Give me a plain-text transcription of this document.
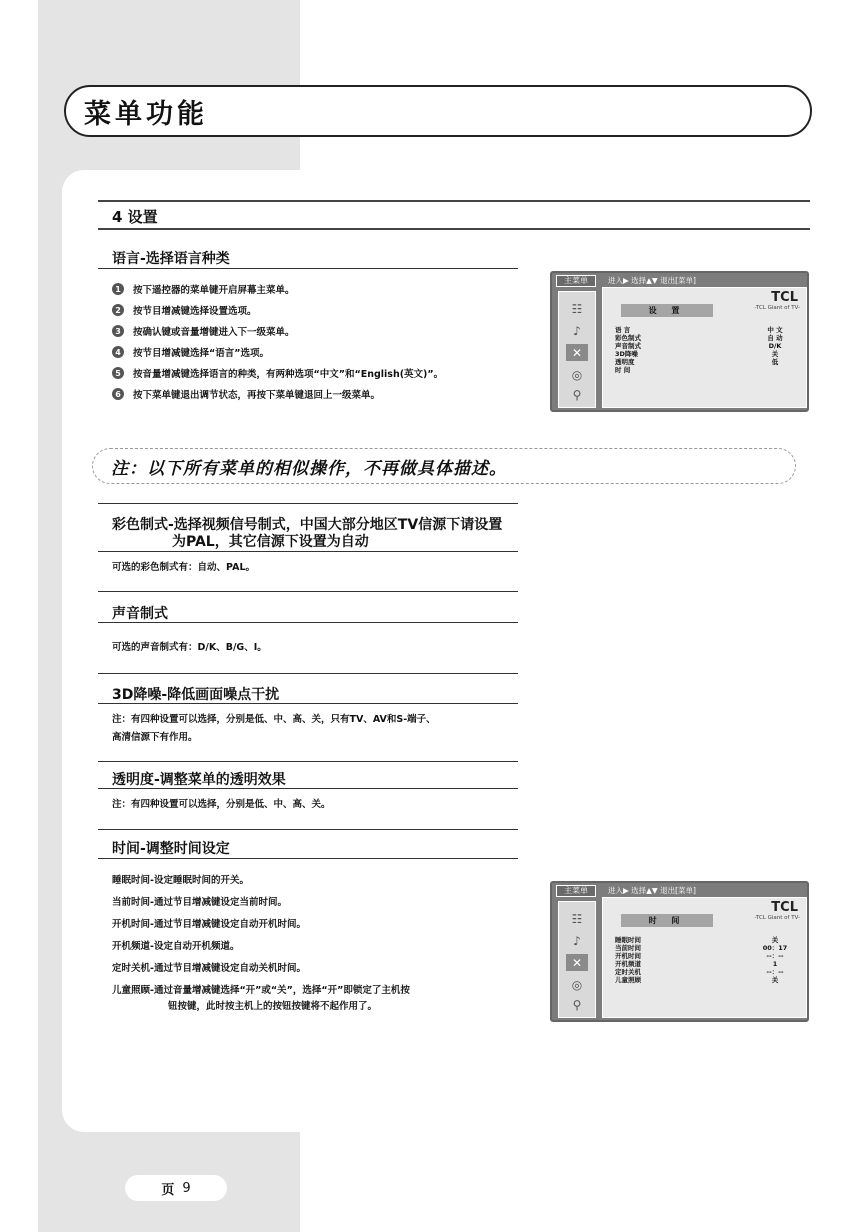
菜单功能
4 设置
语言-选择语言种类
1	按下遥控器的菜单键开启屏幕主菜单。
2	按节目增减键选择设置选项。
3	按确认键或音量增键进入下一级菜单。
4	按节目增减键选择“语言”选项。
5	按音量增减键选择语言的种类，有两种选项“中文”和“English(英文)”。
6	按下菜单键退出调节状态，再按下菜单键退回上一级菜单。
主菜单	进入▶ 选择▲▼ 退出[菜单]
☷
♪
✕
◎
⚲
TCL
-TCL Giant of TV-
设 置
语 言	中 文
彩色制式	自 动
声音制式	D/K
3D降噪	关
透明度	低
时 间
注：以下所有菜单的相似操作，不再做具体描述。
彩色制式-选择视频信号制式，中国大部分地区TV信源下请设置
为PAL，其它信源下设置为自动
可选的彩色制式有：自动、PAL。
声音制式
可选的声音制式有：D/K、B/G、I。
3D降噪-降低画面噪点干扰
注：有四种设置可以选择，分别是低、中、高、关，只有TV、AV和S-端子、
高清信源下有作用。
透明度-调整菜单的透明效果
注：有四种设置可以选择，分别是低、中、高、关。
时间-调整时间设定
睡眠时间-设定睡眠时间的开关。
当前时间-通过节目增减键设定当前时间。
开机时间-通过节目增减键设定自动开机时间。
开机频道-设定自动开机频道。
定时关机-通过节目增减键设定自动关机时间。
儿童照顾-通过音量增减键选择“开”或“关”，选择“开”即锁定了主机按
钮按键，此时按主机上的按钮按键将不起作用了。
主菜单	进入▶ 选择▲▼ 退出[菜单]
☷
♪
✕
◎
⚲
TCL
-TCL Giant of TV-
时 间
睡眠时间	关
当前时间	00：17
开机时间	--：--
开机频道	1
定时关机	--：--
儿童照顾	关
页 9
